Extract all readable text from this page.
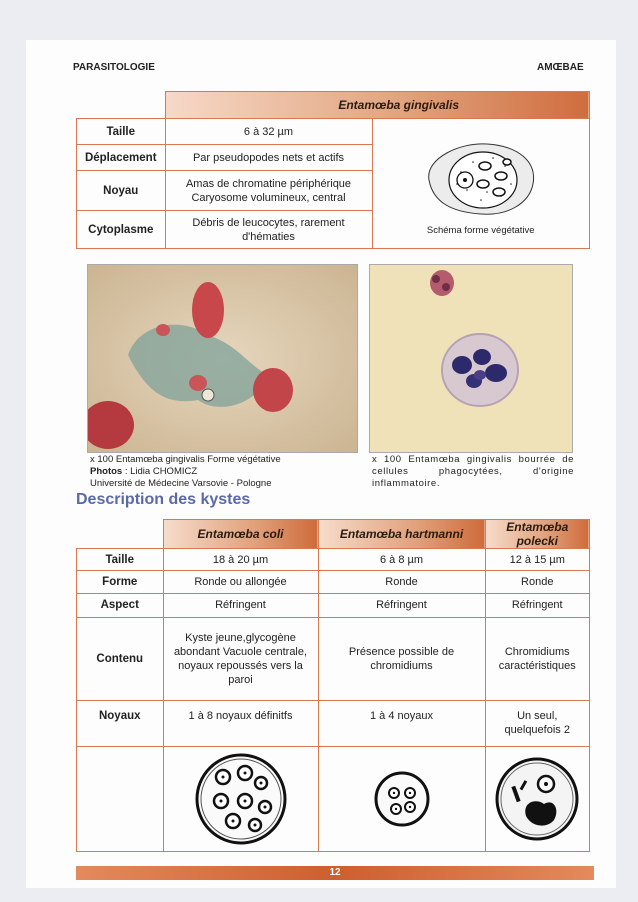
PARASITOLOGIE	AMŒBAE
	Entamœba gingivalis	
Taille	6 à 32 µm	Schéma forme végétative
Déplacement	Par pseudopodes nets et actifs	
Noyau	Amas de chromatine périphérique Caryosome volumineux, central	
Cytoplasme	Débris de leucocytes, rarement d'hématies	
x 100 Entamœba gingivalis Forme végétative
Photos : Lidia CHOMICZ
Université de Médecine Varsovie - Pologne
x 100 Entamœba gingivalis bourrée de cellules phagocytées, d'origine inflammatoire.
Description des kystes
	Entamœba coli	Entamœba hartmanni	Entamœba polecki
Taille	18 à 20 µm	6 à 8 µm	12 à 15 µm
Forme	Ronde ou allongée	Ronde	Ronde
Aspect	Réfringent	Réfringent	Réfringent
Contenu	Kyste jeune,glycogène abondant Vacuole centrale, noyaux repoussés vers la paroi	Présence possible de chromidiums	Chromidiums caractéristiques
Noyaux	1 à 8 noyaux définitfs	1 à 4 noyaux	Un seul, quelquefois 2

12
